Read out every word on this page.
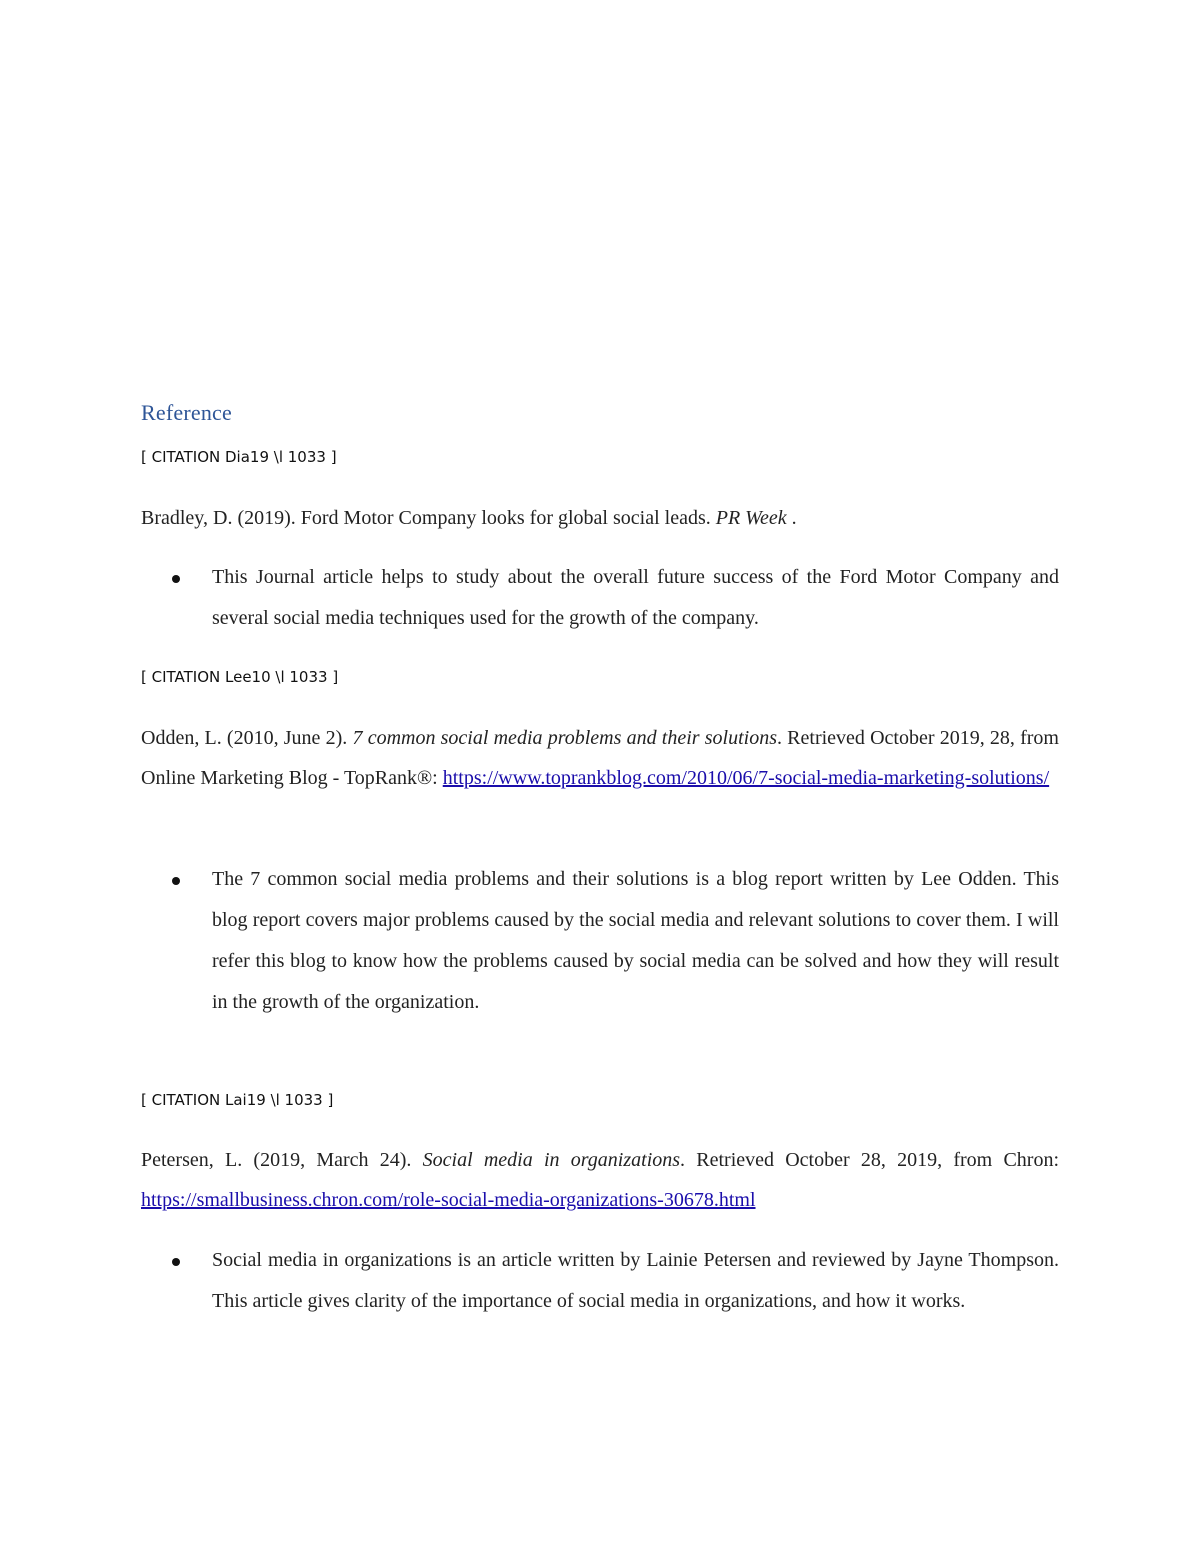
Reference
[ CITATION Dia19 \l 1033 ]
Bradley, D. (2019). Ford Motor Company looks for global social leads. PR Week .
This Journal article helps to study about the overall future success of the Ford Motor Company and several social media techniques used for the growth of the company.
[ CITATION Lee10 \l 1033 ]
Odden, L. (2010, June 2). 7 common social media problems and their solutions. Retrieved October 2019, 28, from Online Marketing Blog - TopRank®: https://www.toprankblog.com/2010/06/7-social-media-marketing-solutions/
The 7 common social media problems and their solutions is a blog report written by Lee Odden. This blog report covers major problems caused by the social media and relevant solutions to cover them. I will refer this blog to know how the problems caused by social media can be solved and how they will result in the growth of the organization.
[ CITATION Lai19 \l 1033 ]
Petersen, L. (2019, March 24). Social media in organizations. Retrieved October 28, 2019, from Chron: https://smallbusiness.chron.com/role-social-media-organizations-30678.html
Social media in organizations is an article written by Lainie Petersen and reviewed by Jayne Thompson. This article gives clarity of the importance of social media in organizations, and how it works.
